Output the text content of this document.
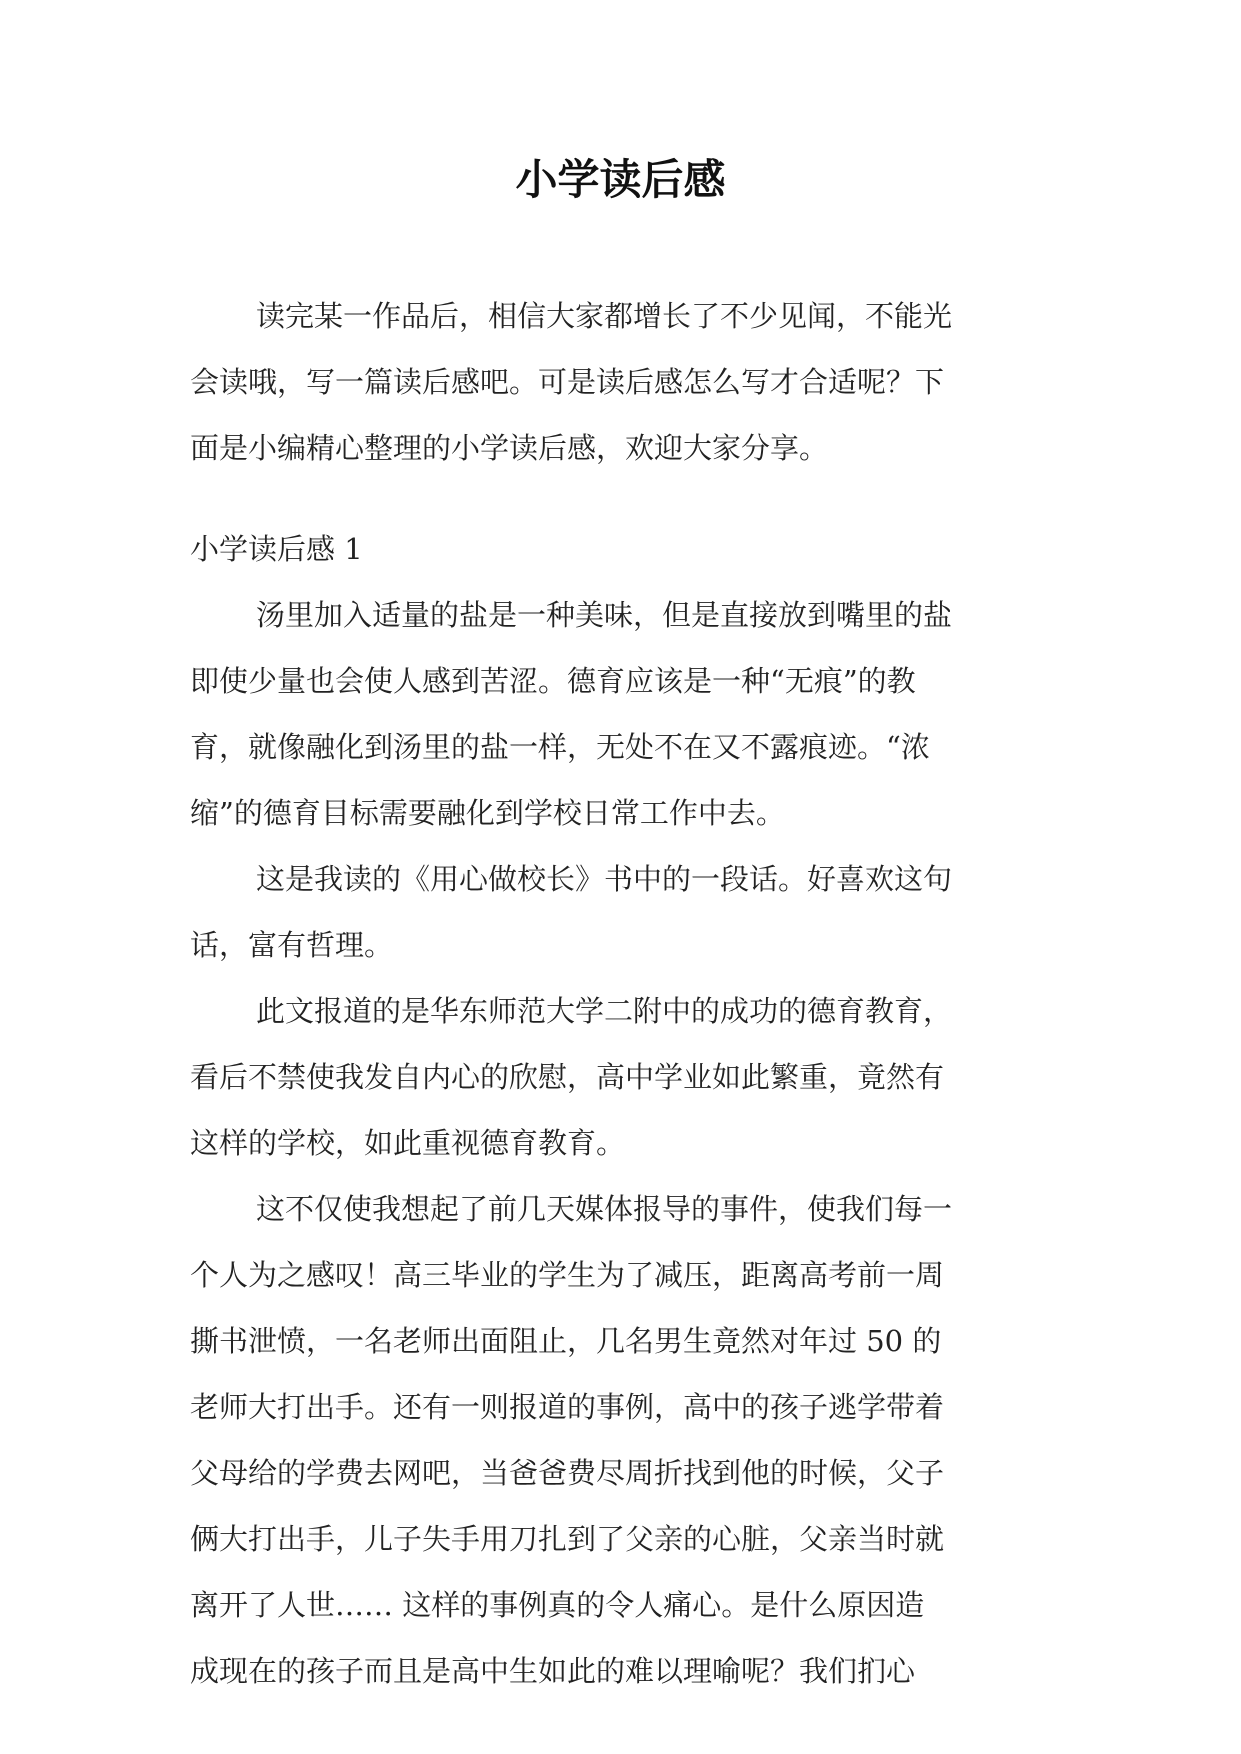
小学读后感
读完某一作品后，相信大家都增长了不少见闻，不能光
会读哦，写一篇读后感吧。可是读后感怎么写才合适呢？下
面是小编精心整理的小学读后感，欢迎大家分享。
小学读后感 1
汤里加入适量的盐是一种美味，但是直接放到嘴里的盐
即使少量也会使人感到苦涩。德育应该是一种“无痕”的教
育，就像融化到汤里的盐一样，无处不在又不露痕迹。“浓
缩”的德育目标需要融化到学校日常工作中去。
这是我读的《用心做校长》书中的一段话。好喜欢这句
话，富有哲理。
此文报道的是华东师范大学二附中的成功的德育教育，
看后不禁使我发自内心的欣慰，高中学业如此繁重，竟然有
这样的学校，如此重视德育教育。
这不仅使我想起了前几天媒体报导的事件，使我们每一
个人为之感叹！高三毕业的学生为了减压，距离高考前一周
撕书泄愤，一名老师出面阻止，几名男生竟然对年过 50 的
老师大打出手。还有一则报道的事例，高中的孩子逃学带着
父母给的学费去网吧，当爸爸费尽周折找到他的时候，父子
俩大打出手，儿子失手用刀扎到了父亲的心脏，父亲当时就
离开了人世…… 这样的事例真的令人痛心。是什么原因造
成现在的孩子而且是高中生如此的难以理喻呢？我们扪心
